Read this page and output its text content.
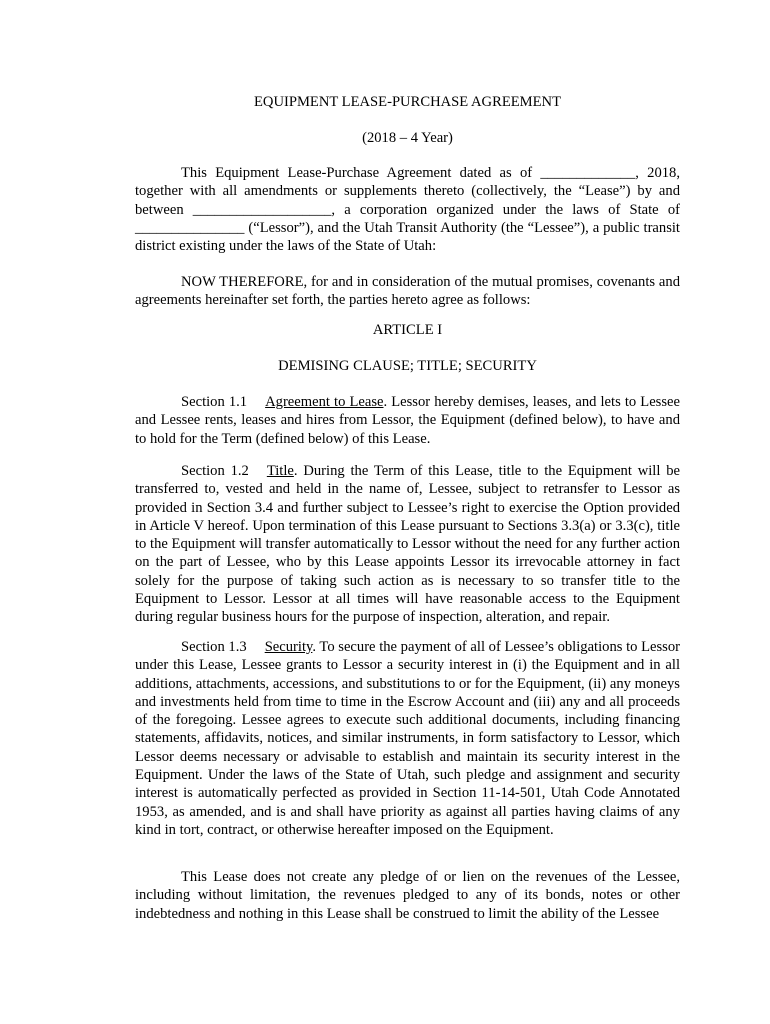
EQUIPMENT LEASE-PURCHASE AGREEMENT
(2018 – 4 Year)
This Equipment Lease-Purchase Agreement dated as of _____________, 2018, together with all amendments or supplements thereto (collectively, the “Lease”) by and between ___________________, a corporation organized under the laws of State of _______________ (“Lessor”), and the Utah Transit Authority (the “Lessee”), a public transit district existing under the laws of the State of Utah:
NOW THEREFORE, for and in consideration of the mutual promises, covenants and agreements hereinafter set forth, the parties hereto agree as follows:
ARTICLE I
DEMISING CLAUSE; TITLE; SECURITY
Section 1.1 Agreement to Lease. Lessor hereby demises, leases, and lets to Lessee and Lessee rents, leases and hires from Lessor, the Equipment (defined below), to have and to hold for the Term (defined below) of this Lease.
Section 1.2 Title. During the Term of this Lease, title to the Equipment will be transferred to, vested and held in the name of, Lessee, subject to retransfer to Lessor as provided in Section 3.4 and further subject to Lessee’s right to exercise the Option provided in Article V hereof. Upon termination of this Lease pursuant to Sections 3.3(a) or 3.3(c), title to the Equipment will transfer automatically to Lessor without the need for any further action on the part of Lessee, who by this Lease appoints Lessor its irrevocable attorney in fact solely for the purpose of taking such action as is necessary to so transfer title to the Equipment to Lessor. Lessor at all times will have reasonable access to the Equipment during regular business hours for the purpose of inspection, alteration, and repair.
Section 1.3 Security. To secure the payment of all of Lessee’s obligations to Lessor under this Lease, Lessee grants to Lessor a security interest in (i) the Equipment and in all additions, attachments, accessions, and substitutions to or for the Equipment, (ii) any moneys and investments held from time to time in the Escrow Account and (iii) any and all proceeds of the foregoing. Lessee agrees to execute such additional documents, including financing statements, affidavits, notices, and similar instruments, in form satisfactory to Lessor, which Lessor deems necessary or advisable to establish and maintain its security interest in the Equipment. Under the laws of the State of Utah, such pledge and assignment and security interest is automatically perfected as provided in Section 11-14-501, Utah Code Annotated 1953, as amended, and is and shall have priority as against all parties having claims of any kind in tort, contract, or otherwise hereafter imposed on the Equipment.
This Lease does not create any pledge of or lien on the revenues of the Lessee, including without limitation, the revenues pledged to any of its bonds, notes or other indebtedness and nothing in this Lease shall be construed to limit the ability of the Lessee
